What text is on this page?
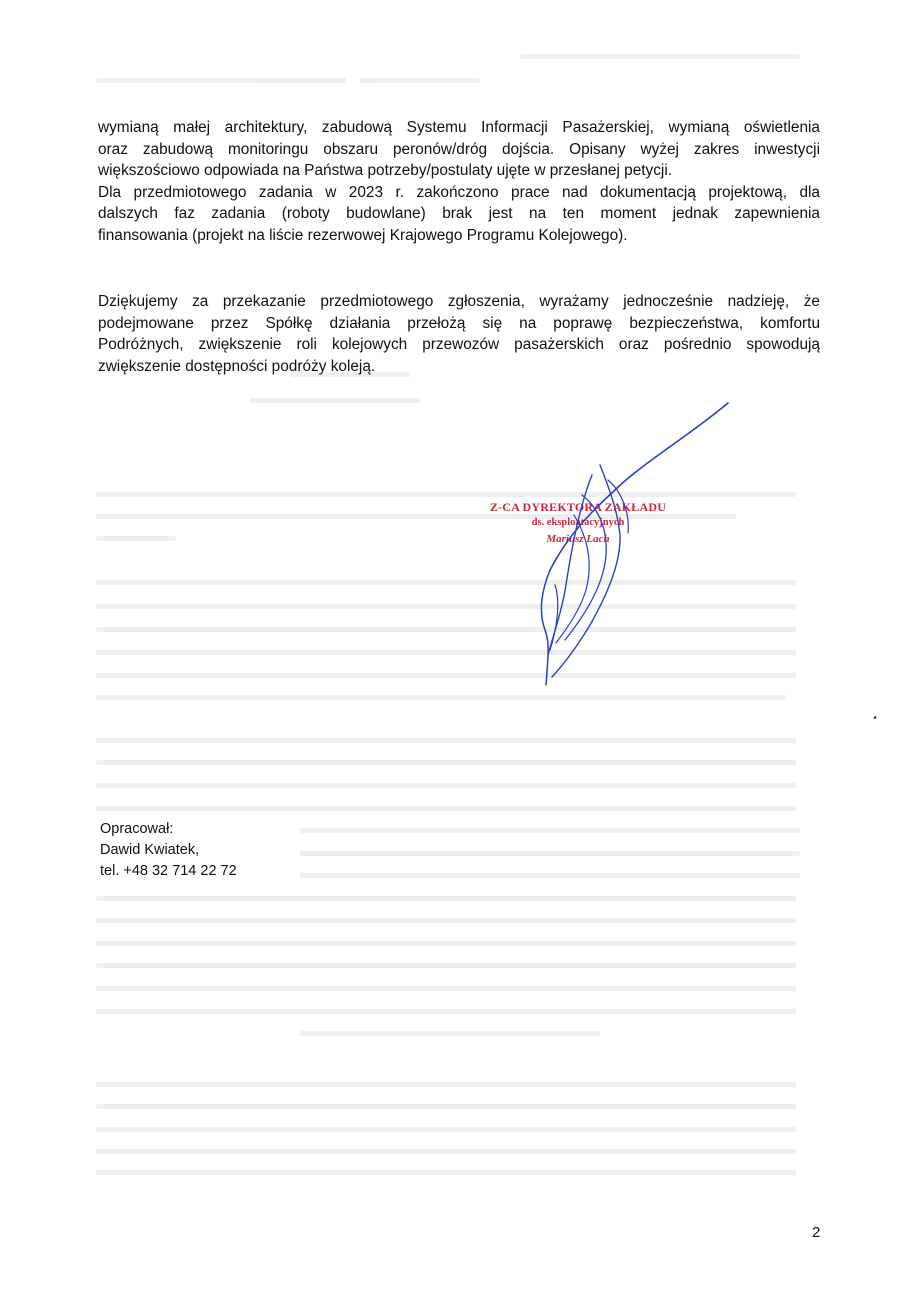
wymianą małej architektury, zabudową Systemu Informacji Pasażerskiej, wymianą oświetlenia
oraz zabudową monitoringu obszaru peronów/dróg dojścia. Opisany wyżej zakres inwestycji
większościowo odpowiada na Państwa potrzeby/postulaty ujęte w przesłanej petycji.
Dla przedmiotowego zadania w 2023 r. zakończono prace nad dokumentacją projektową, dla
dalszych faz zadania (roboty budowlane) brak jest na ten moment jednak zapewnienia
finansowania (projekt na liście rezerwowej Krajowego Programu Kolejowego).

Dziękujemy za przekazanie przedmiotowego zgłoszenia, wyrażamy jednocześnie nadzieję, że
podejmowane przez Spółkę działania przełożą się na poprawę bezpieczeństwa, komfortu
Podróżnych, zwiększenie roli kolejowych przewozów pasażerskich oraz pośrednio spowodują
zwiększenie dostępności podróży koleją.

Z-CA DYREKTORA ZAKŁADU
ds. eksploatacyjnych
Mariusz Lach
Opracował:
Dawid Kwiatek,
tel. +48 32 714 22 72
2
